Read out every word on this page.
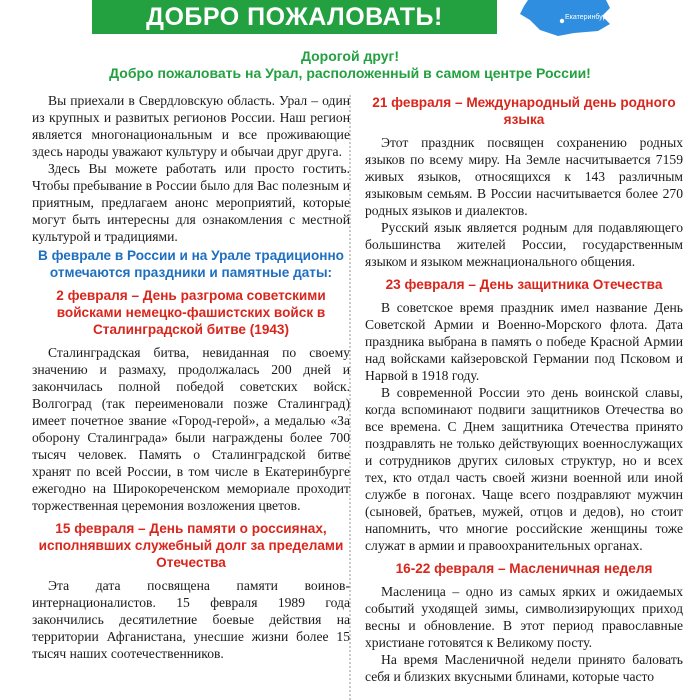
ДОБРО ПОЖАЛОВАТЬ!	Екатеринбург
Дорогой друг!
Добро пожаловать на Урал, расположенный в самом центре России!

Вы приехали в Свердловскую область. Урал – один из крупных и развитых регионов России. Наш регион является многонациональным и все проживающие здесь народы уважают культуру и обычаи друг друга.

Здесь Вы можете работать или просто гостить. Чтобы пребывание в России было для Вас полезным и приятным, предлагаем анонс мероприятий, которые могут быть интересны для ознакомления с местной культурой и традициями.

В феврале в России и на Урале традиционно отмечаются праздники и памятные даты:
2 февраля – День разгрома советскими войсками немецко-фашистских войск в Сталинградской битве (1943)

Сталинградская битва, невиданная по своему значению и размаху, продолжалась 200 дней и закончилась полной победой советских войск. Волгоград (так переименовали позже Сталинград) имеет почетное звание «Город-герой», а медалью «За оборону Сталинграда» были награждены более 700 тысяч человек. Память о Сталинградской битве хранят по всей России, в том числе в Екатеринбурге ежегодно на Широкореченском мемориале проходит торжественная церемония возложения цветов.

15 февраля – День памяти о россиянах, исполнявших служебный долг за пределами Отечества

Эта дата посвящена памяти воинов-интернационалистов. 15 февраля 1989 года закончились десятилетние боевые действия на территории Афганистана, унесшие жизни более 15 тысяч наших соотечественников.

21 февраля – Международный день родного языка

Этот праздник посвящен сохранению родных языков по всему миру. На Земле насчитывается 7159 живых языков, относящихся к 143 различным языковым семьям. В России насчитывается более 270 родных языков и диалектов.

Русский язык является родным для подавляющего большинства жителей России, государственным языком и языком межнационального общения.

23 февраля – День защитника Отечества

В советское время праздник имел название День Советской Армии и Военно-Морского флота. Дата праздника выбрана в память о победе Красной Армии над войсками кайзеровской Германии под Псковом и Нарвой в 1918 году.

В современной России это день воинской славы, когда вспоминают подвиги защитников Отечества во все времена. С Днем защитника Отечества принято поздравлять не только действующих военнослужащих и сотрудников других силовых структур, но и всех тех, кто отдал часть своей жизни военной или иной службе в погонах. Чаще всего поздравляют мужчин (сыновей, братьев, мужей, отцов и дедов), но стоит напомнить, что многие российские женщины тоже служат в армии и правоохранительных органах.

16-22 февраля – Масленичная неделя

Масленица – одно из самых ярких и ожидаемых событий уходящей зимы, символизирующих приход весны и обновление. В этот период православные христиане готовятся к Великому посту.

На время Масленичной недели принято баловать себя и близких вкусными блинами, которые часто
